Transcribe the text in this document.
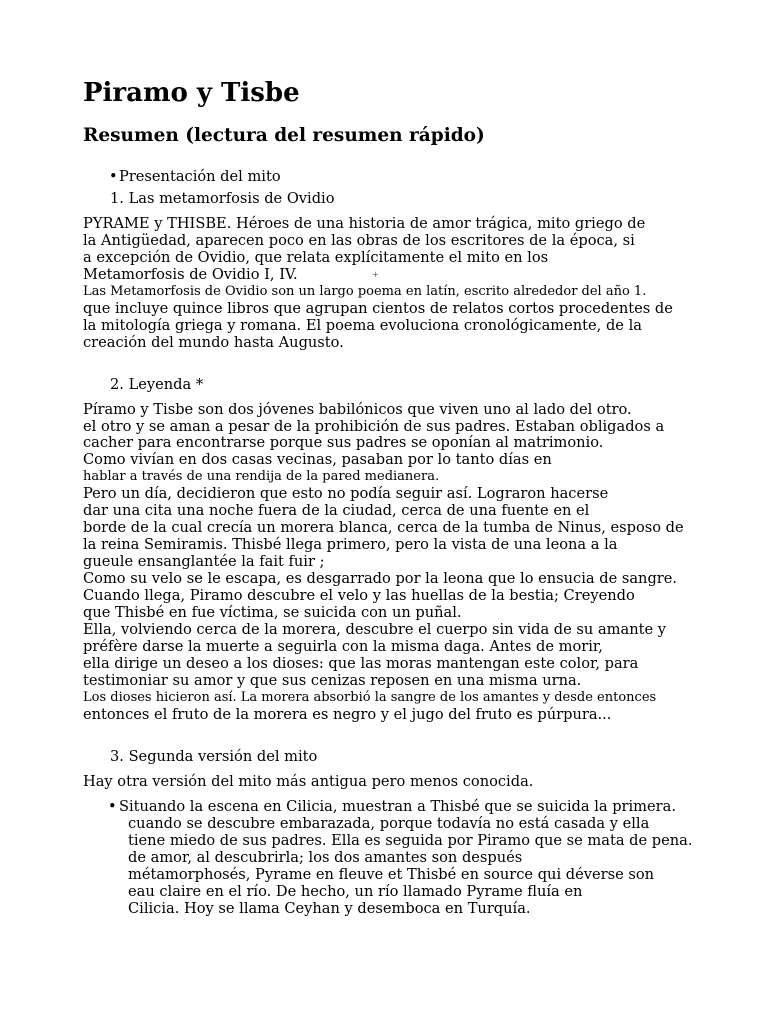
Piramo y Tisbe
Resumen (lectura del resumen rápido)
• Presentación del mito
1. Las metamorfosis de Ovidio
PYRAME y THISBE. Héroes de una historia de amor trágica, mito griego de
la Antigüedad, aparecen poco en las obras de los escritores de la época, si
a excepción de Ovidio, que relata explícitamente el mito en los
Metamorfosis de Ovidio I, IV.	+
Las Metamorfosis de Ovidio son un largo poema en latín, escrito alrededor del año 1.
que incluye quince libros que agrupan cientos de relatos cortos procedentes de
la mitología griega y romana. El poema evoluciona cronológicamente, de la
creación del mundo hasta Augusto.
2. Leyenda *
Píramo y Tisbe son dos jóvenes babilónicos que viven uno al lado del otro.
el otro y se aman a pesar de la prohibición de sus padres. Estaban obligados a
cacher para encontrarse porque sus padres se oponían al matrimonio.
Como vivían en dos casas vecinas, pasaban por lo tanto días en
hablar a través de una rendija de la pared medianera.
Pero un día, decidieron que esto no podía seguir así. Lograron hacerse
dar una cita una noche fuera de la ciudad, cerca de una fuente en el
borde de la cual crecía un morera blanca, cerca de la tumba de Ninus, esposo de
la reina Semiramis. Thisbé llega primero, pero la vista de una leona a la
gueule ensanglantée la fait fuir ;
Como su velo se le escapa, es desgarrado por la leona que lo ensucia de sangre.
Cuando llega, Piramo descubre el velo y las huellas de la bestia; Creyendo
que Thisbé en fue víctima, se suicida con un puñal.
Ella, volviendo cerca de la morera, descubre el cuerpo sin vida de su amante y
préfère darse la muerte a seguirla con la misma daga. Antes de morir,
ella dirige un deseo a los dioses: que las moras mantengan este color, para
testimoniar su amor y que sus cenizas reposen en una misma urna.
Los dioses hicieron así. La morera absorbió la sangre de los amantes y desde entonces
entonces el fruto de la morera es negro y el jugo del fruto es púrpura...
3. Segunda versión del mito
Hay otra versión del mito más antigua pero menos conocida.
• Situando la escena en Cilicia, muestran a Thisbé que se suicida la primera.
cuando se descubre embarazada, porque todavía no está casada y ella
tiene miedo de sus padres. Ella es seguida por Piramo que se mata de pena.
de amor, al descubrirla; los dos amantes son después
métamorphosés, Pyrame en fleuve et Thisbé en source qui déverse son
eau claire en el río. De hecho, un río llamado Pyrame fluía en
Cilicia. Hoy se llama Ceyhan y desemboca en Turquía.
